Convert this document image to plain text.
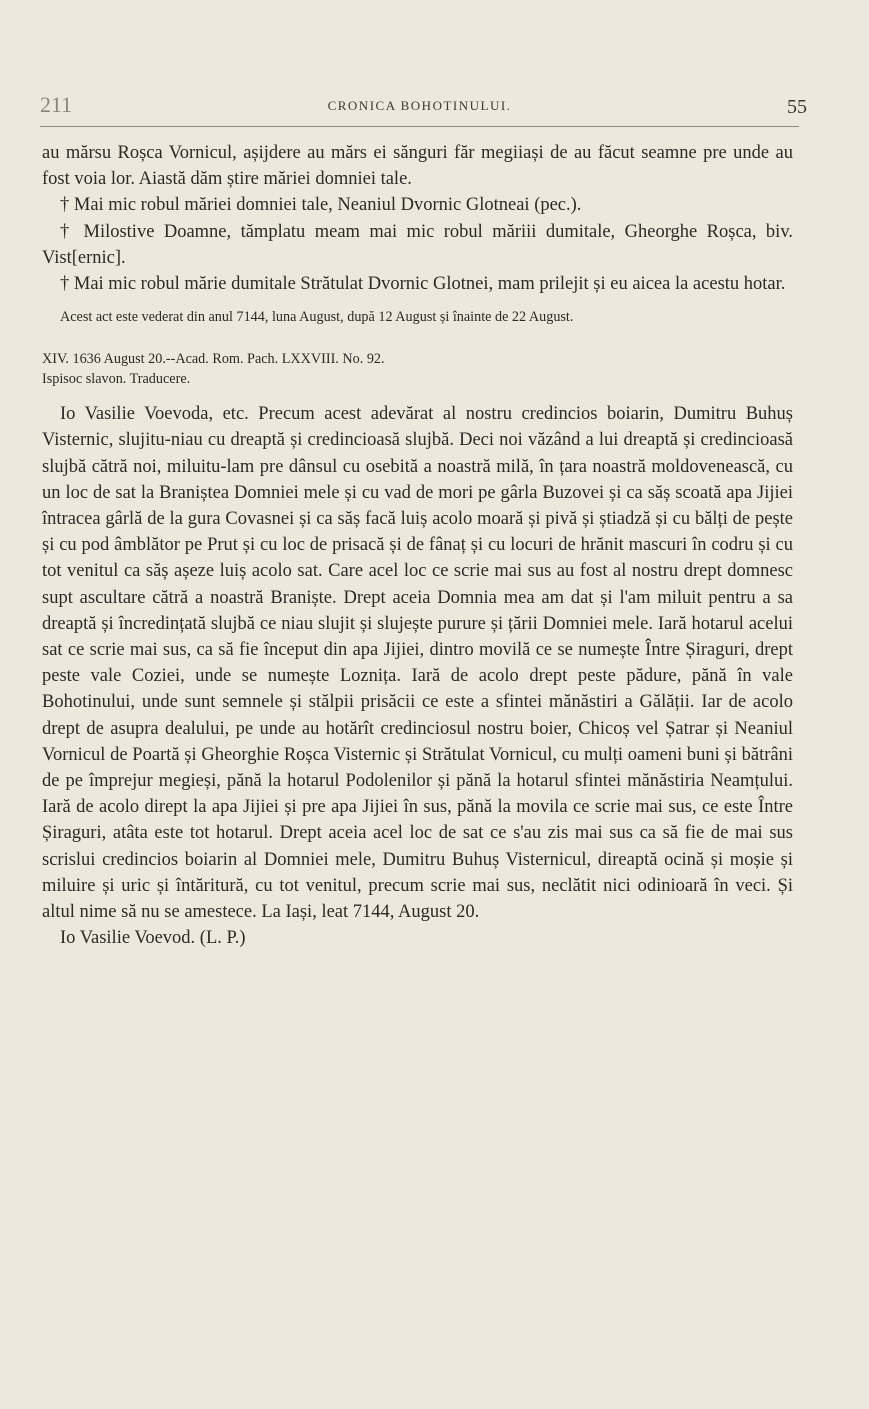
211	CRONICA BOHOTINULUI.	55

au mărsu Roșca Vornicul, așijdere au mărs ei sănguri făr megiiași de au făcut seamne pre unde au fost voia lor. Aiastă dăm știre măriei domniei tale.

† Mai mic robul măriei domniei tale, Neaniul Dvornic Glotneai (pec.).

† Milostive Doamne, tămplatu meam mai mic robul măriii dumitale, Gheorghe Roșca, biv. Vist[ernic].

† Mai mic robul mărie dumitale Strătulat Dvornic Glotnei, mam prilejit și eu aicea la acestu hotar.

Acest act este vederat din anul 7144, luna August, după 12 August și înainte de 22 August.

XIV. 1636 August 20.--Acad. Rom. Pach. LXXVIII. No. 92.

Ispisoc slavon. Traducere.

Io Vasilie Voevoda, etc. Precum acest adevărat al nostru credincios boiarin, Dumitru Buhuș Visternic, slujitu-niau cu dreaptă și credincioasă slujbă. Deci noi văzând a lui dreaptă și credincioasă slujbă cătră noi, miluitu-lam pre dânsul cu osebită a noastră milă, în țara noastră moldovenească, cu un loc de sat la Braniștea Domniei mele și cu vad de mori pe gârla Buzovei și ca săș scoată apa Jijiei întracea gârlă de la gura Covasnei și ca săș facă luiș acolo moară și pivă și știadză și cu bălți de pește și cu pod âmblător pe Prut și cu loc de prisacă și de fânaț și cu locuri de hrănit mascuri în codru și cu tot venitul ca săș așeze luiș acolo sat. Care acel loc ce scrie mai sus au fost al nostru drept domnesc supt ascultare cătră a noastră Braniște. Drept aceia Domnia mea am dat și l'am miluit pentru a sa dreaptă și încredințată slujbă ce niau slujit și slujește purure și țării Domniei mele. Iară hotarul acelui sat ce scrie mai sus, ca să fie început din apa Jijiei, dintro movilă ce se numește Între Șiraguri, drept peste vale Coziei, unde se numește Loznița. Iară de acolo drept peste pădure, pănă în vale Bohotinului, unde sunt semnele și stălpii prisăcii ce este a sfintei mănăstiri a Gălății. Iar de acolo drept de asupra dealului, pe unde au hotărît credinciosul nostru boier, Chicoș vel Șatrar și Neaniul Vornicul de Poartă și Gheorghie Roșca Visternic și Strătulat Vornicul, cu mulți oameni buni și bătrâni de pe împrejur megieși, pănă la hotarul Podolenilor și pănă la hotarul sfintei mănăstiria Neamțului. Iară de acolo dirept la apa Jijiei și pre apa Jijiei în sus, pănă la movila ce scrie mai sus, ce este Între Șiraguri, atâta este tot hotarul. Drept aceia acel loc de sat ce s'au zis mai sus ca să fie de mai sus scrislui credincios boiarin al Domniei mele, Dumitru Buhuș Visternicul, direaptă ocină și moșie și miluire și uric și întăritură, cu tot venitul, precum scrie mai sus, neclătit nici odinioară în veci. Și altul nime să nu se amestece. La Iași, leat 7144, August 20.

Io Vasilie Voevod. (L. P.)
